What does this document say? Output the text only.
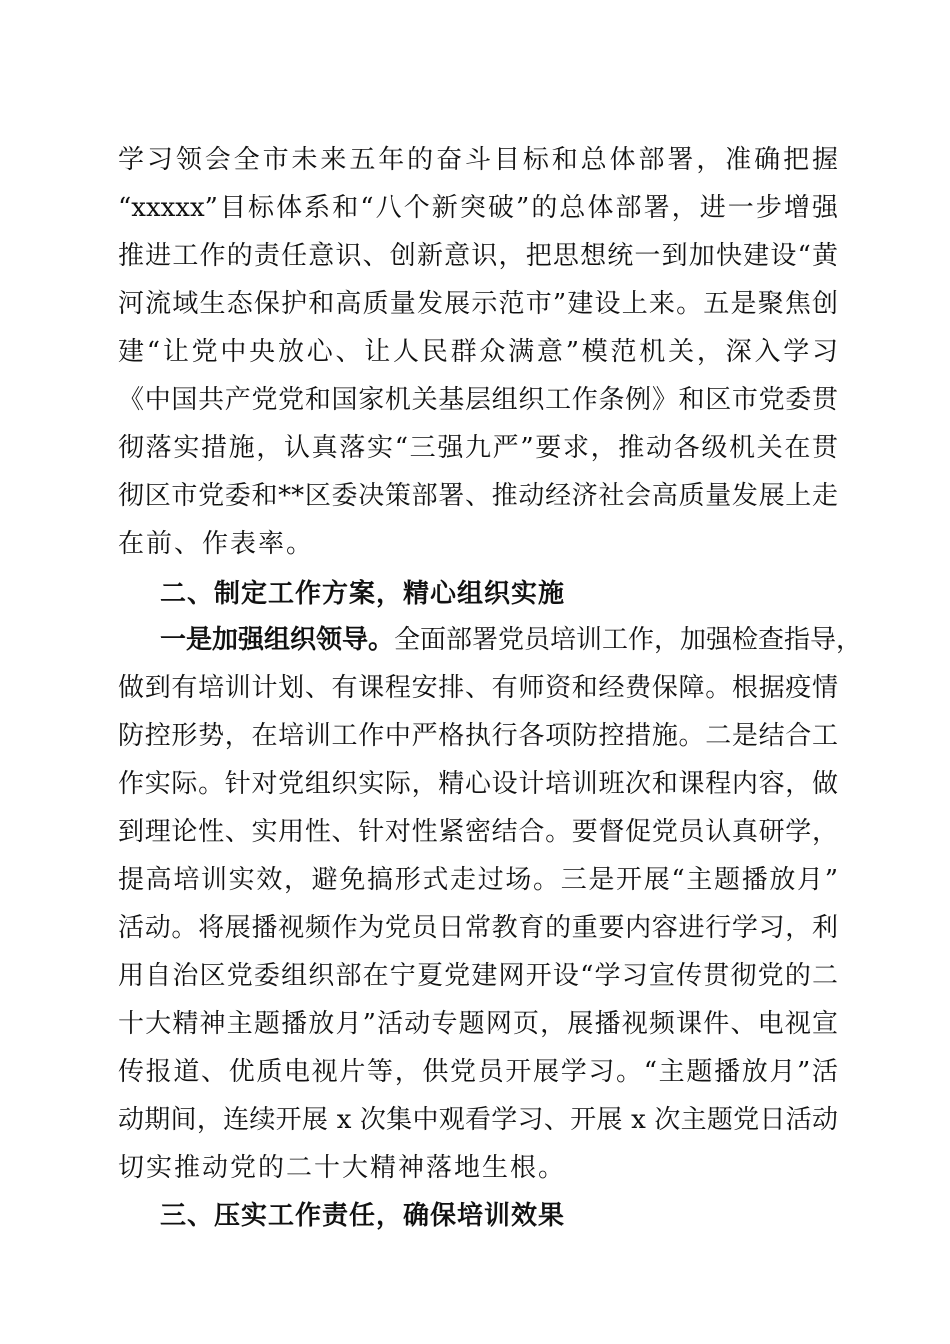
学习领会全市未来五年的奋斗目标和总体部署，准确把握
“xxxxx”目标体系和“八个新突破”的总体部署，进一步增强
推进工作的责任意识、创新意识，把思想统一到加快建设“黄
河流域生态保护和高质量发展示范市”建设上来。五是聚焦创
建“让党中央放心、让人民群众满意”模范机关，深入学习
《中国共产党党和国家机关基层组织工作条例》和区市党委贯
彻落实措施，认真落实“三强九严”要求，推动各级机关在贯
彻区市党委和**区委决策部署、推动经济社会高质量发展上走
在前、作表率。
二、制定工作方案，精心组织实施
一是加强组织领导。全面部署党员培训工作，加强检查指导，
做到有培训计划、有课程安排、有师资和经费保障。根据疫情
防控形势，在培训工作中严格执行各项防控措施。二是结合工
作实际。针对党组织实际，精心设计培训班次和课程内容，做
到理论性、实用性、针对性紧密结合。要督促党员认真研学，
提高培训实效，避免搞形式走过场。三是开展“主题播放月”
活动。将展播视频作为党员日常教育的重要内容进行学习，利
用自治区党委组织部在宁夏党建网开设“学习宣传贯彻党的二
十大精神主题播放月”活动专题网页，展播视频课件、电视宣
传报道、优质电视片等，供党员开展学习。“主题播放月”活
动期间，连续开展 x 次集中观看学习、开展 x 次主题党日活动
切实推动党的二十大精神落地生根。
三、压实工作责任，确保培训效果
